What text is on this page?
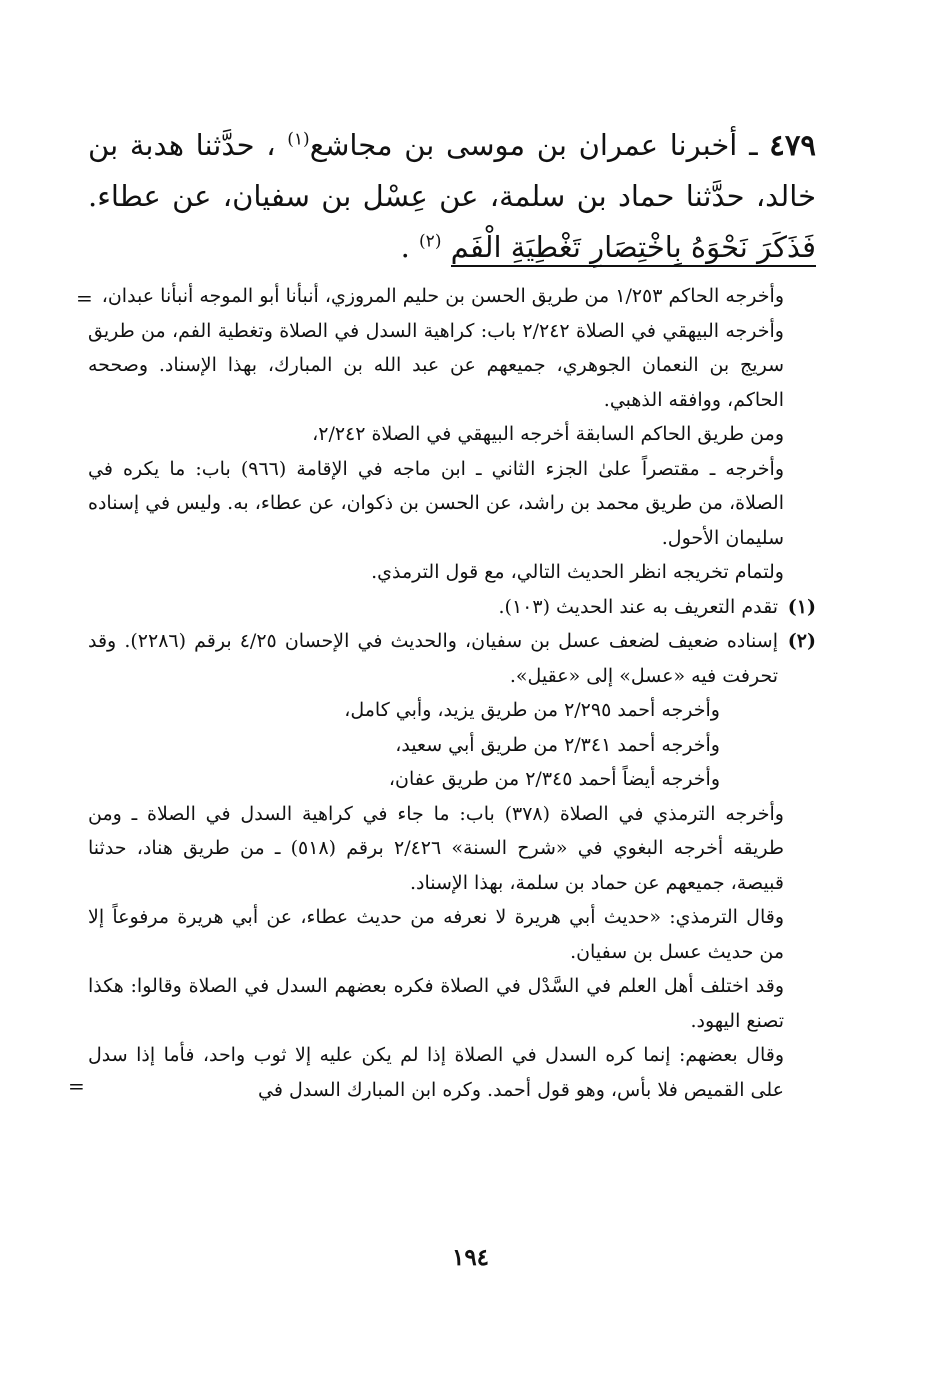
٤٧٩ ـ أخبرنا عمران بن موسى بن مجاشع$^{(١)}$ ، حدَّثنا هدبة بن خالد، حدَّثنا حماد بن سلمة، عن عِسْل بن سفيان، عن عطاء. فَذَكَرَ نَحْوَهُ بِاخْتِصَارِ تَغْطِيَةِ الْفَم $^{(٢)}$ .

= وأخرجه الحاكم ١/٢٥٣ من طريق الحسن بن حليم المروزي، أنبأنا أبو الموجه أنبأنا عبدان،

وأخرجه البيهقي في الصلاة ٢/٢٤٢ باب: كراهية السدل في الصلاة وتغطية الفم، من طريق سريج بن النعمان الجوهري، جميعهم عن عبد الله بن المبارك، بهذا الإسناد. وصححه الحاكم، ووافقه الذهبي.

ومن طريق الحاكم السابقة أخرجه البيهقي في الصلاة ٢/٢٤٢،

وأخرجه ـ مقتصراً علىٰ الجزء الثاني ـ ابن ماجه في الإقامة (٩٦٦) باب: ما يكره في الصلاة، من طريق محمد بن راشد، عن الحسن بن ذكوان، عن عطاء، به. وليس في إسناده سليمان الأحول.

ولتمام تخريجه انظر الحديث التالي، مع قول الترمذي.

(١)
تقدم التعريف به عند الحديث (١٠٣).
(٢)
إسناده ضعيف لضعف عسل بن سفيان، والحديث في الإحسان ٤/٢٥ برقم (٢٢٨٦). وقد تحرفت فيه «عسل» إلى «عقيل».

وأخرجه أحمد ٢/٢٩٥ من طريق يزيد، وأبي كامل،

وأخرجه أحمد ٢/٣٤١ من طريق أبي سعيد،

وأخرجه أيضاً أحمد ٢/٣٤٥ من طريق عفان،

وأخرجه الترمذي في الصلاة (٣٧٨) باب: ما جاء في كراهية السدل في الصلاة ـ ومن طريقه أخرجه البغوي في «شرح السنة» ٢/٤٢٦ برقم (٥١٨) ـ من طريق هناد، حدثنا قبيصة، جميعهم عن حماد بن سلمة، بهذا الإسناد.

وقال الترمذي: «حديث أبي هريرة لا نعرفه من حديث عطاء، عن أبي هريرة مرفوعاً إلا من حديث عسل بن سفيان.

وقد اختلف أهل العلم في السَّدْل في الصلاة فكره بعضهم السدل في الصلاة وقالوا: هكذا تصنع اليهود.

وقال بعضهم: إنما كره السدل في الصلاة إذا لم يكن عليه إلا ثوب واحد، فأما إذا سدل على القميص فلا بأس، وهو قول أحمد. وكره ابن المبارك السدل في

=
١٩٤
